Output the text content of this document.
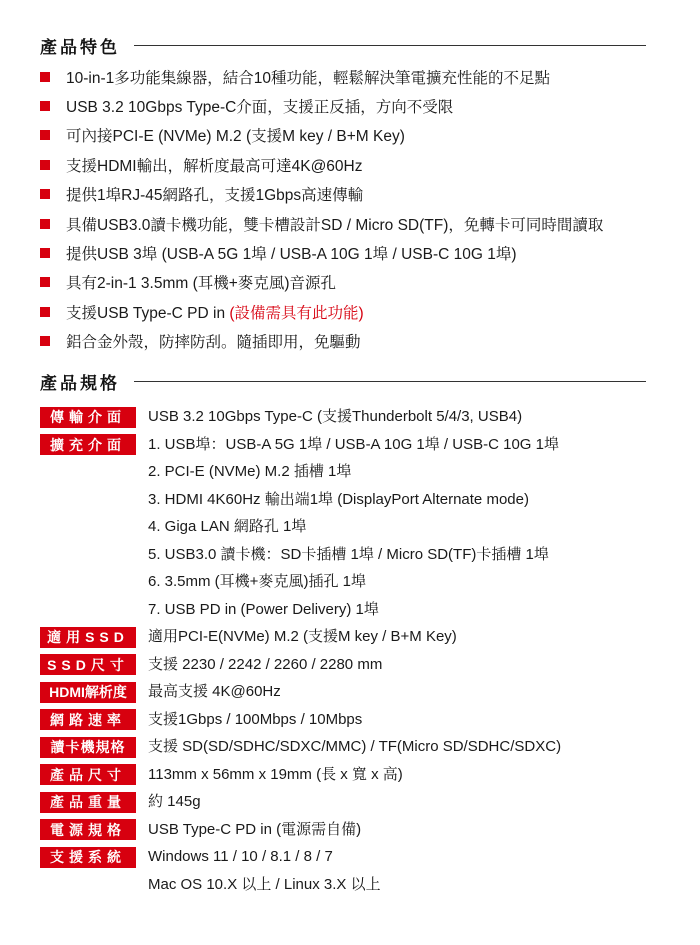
產品特色
10-in-1多功能集線器，結合10種功能，輕鬆解決筆電擴充性能的不足點
USB 3.2 10Gbps Type-C介面，支援正反插，方向不受限
可內接PCI-E (NVMe) M.2 (支援M key / B+M Key)
支援HDMI輸出，解析度最高可達4K@60Hz
提供1埠RJ-45網路孔，支援1Gbps高速傳輸
具備USB3.0讀卡機功能，雙卡槽設計SD / Micro SD(TF)，免轉卡可同時間讀取
提供USB 3埠 (USB-A 5G 1埠 / USB-A 10G 1埠 / USB-C 10G 1埠)
具有2-in-1 3.5mm (耳機+麥克風)音源孔
支援USB Type-C PD in (設備需具有此功能)
鋁合金外殼，防摔防刮。隨插即用，免驅動
產品規格
傳輸介面	USB 3.2 10Gbps Type-C (支援Thunderbolt 5/4/3, USB4)
擴充介面	1. USB埠：USB-A 5G 1埠 / USB-A 10G 1埠 / USB-C 10G 1埠
2. PCI-E (NVMe) M.2 插槽 1埠
3. HDMI 4K60Hz 輸出端1埠 (DisplayPort Alternate mode)
4. Giga LAN 網路孔 1埠
5. USB3.0 讀卡機：SD卡插槽 1埠 / Micro SD(TF)卡插槽 1埠
6. 3.5mm (耳機+麥克風)插孔 1埠
7. USB PD in (Power Delivery) 1埠
適用SSD	適用PCI-E(NVMe) M.2 (支援M key / B+M Key)
SSD尺寸	支援 2230 / 2242 / 2260 / 2280 mm
HDMI解析度	最高支援 4K@60Hz
網路速率	支援1Gbps / 100Mbps / 10Mbps
讀卡機規格	支援 SD(SD/SDHC/SDXC/MMC) / TF(Micro SD/SDHC/SDXC)
產品尺寸	113mm x 56mm x 19mm (長 x 寬 x 高)
產品重量	約 145g
電源規格	USB Type-C PD in (電源需自備)
支援系統	Windows 11 / 10 / 8.1 / 8 / 7
Mac OS 10.X 以上 / Linux 3.X 以上
